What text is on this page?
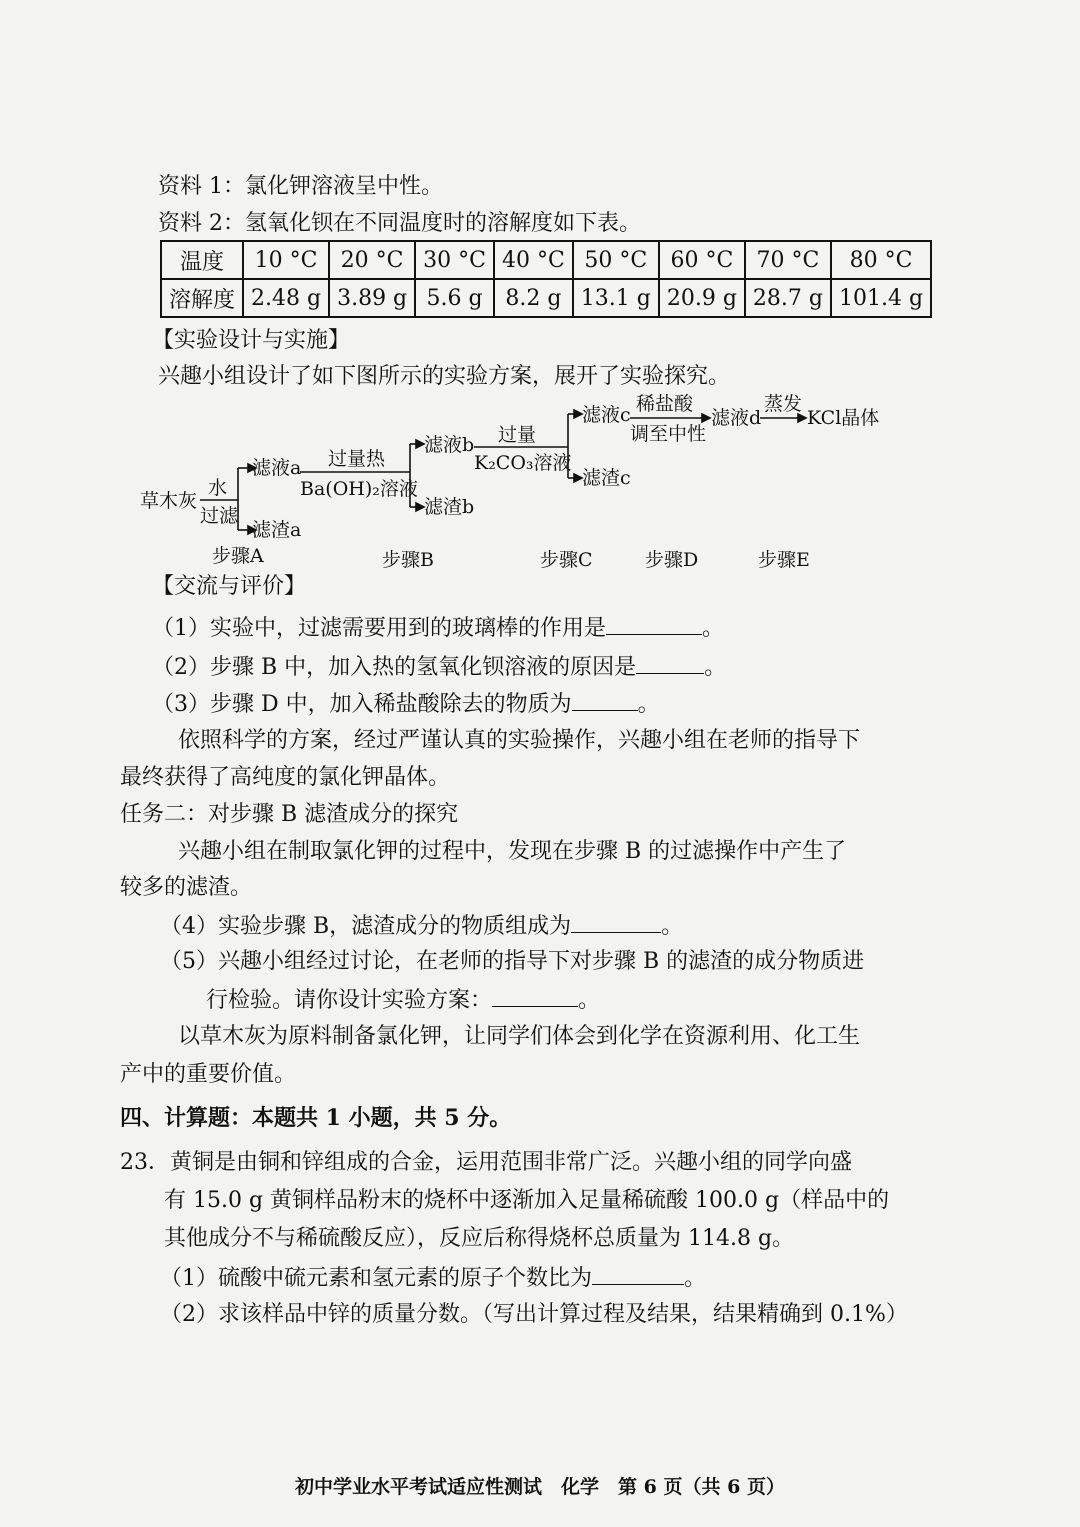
资料 1：氯化钾溶液呈中性。
资料 2：氢氧化钡在不同温度时的溶解度如下表。
温度	10 °C	20 °C	30 °C	40 °C	50 °C	60 °C	70 °C	80 °C
溶解度	2.48 g	3.89 g	5.6 g	8.2 g	13.1 g	20.9 g	28.7 g	101.4 g
【实验设计与实施】
兴趣小组设计了如下图所示的实验方案，展开了实验探究。
草木灰
水
过滤
滤液a
滤渣a
过量热
Ba(OH)₂溶液
滤液b
滤渣b
过量
K₂CO₃溶液
滤液c
滤渣c
稀盐酸
调至中性
滤液d
蒸发
KCl晶体
步骤A	步骤B	步骤C	步骤D	步骤E
【交流与评价】
（1）实验中，过滤需要用到的玻璃棒的作用是	。
（2）步骤 B 中，加入热的氢氧化钡溶液的原因是	。
（3）步骤 D 中，加入稀盐酸除去的物质为	。
依照科学的方案，经过严谨认真的实验操作，兴趣小组在老师的指导下
最终获得了高纯度的氯化钾晶体。
任务二：对步骤 B 滤渣成分的探究
兴趣小组在制取氯化钾的过程中，发现在步骤 B 的过滤操作中产生了
较多的滤渣。
（4）实验步骤 B，滤渣成分的物质组成为	。
（5）兴趣小组经过讨论，在老师的指导下对步骤 B 的滤渣的成分物质进
行检验。请你设计实验方案：	。
以草木灰为原料制备氯化钾，让同学们体会到化学在资源利用、化工生
产中的重要价值。
四、计算题：本题共 1 小题，共 5 分。
23．黄铜是由铜和锌组成的合金，运用范围非常广泛。兴趣小组的同学向盛
有 15.0 g 黄铜样品粉末的烧杯中逐渐加入足量稀硫酸 100.0 g（样品中的
其他成分不与稀硫酸反应），反应后称得烧杯总质量为 114.8 g。
（1）硫酸中硫元素和氢元素的原子个数比为	。
（2）求该样品中锌的质量分数。（写出计算过程及结果，结果精确到 0.1%）
初中学业水平考试适应性测试　化学　第 6 页（共 6 页）
